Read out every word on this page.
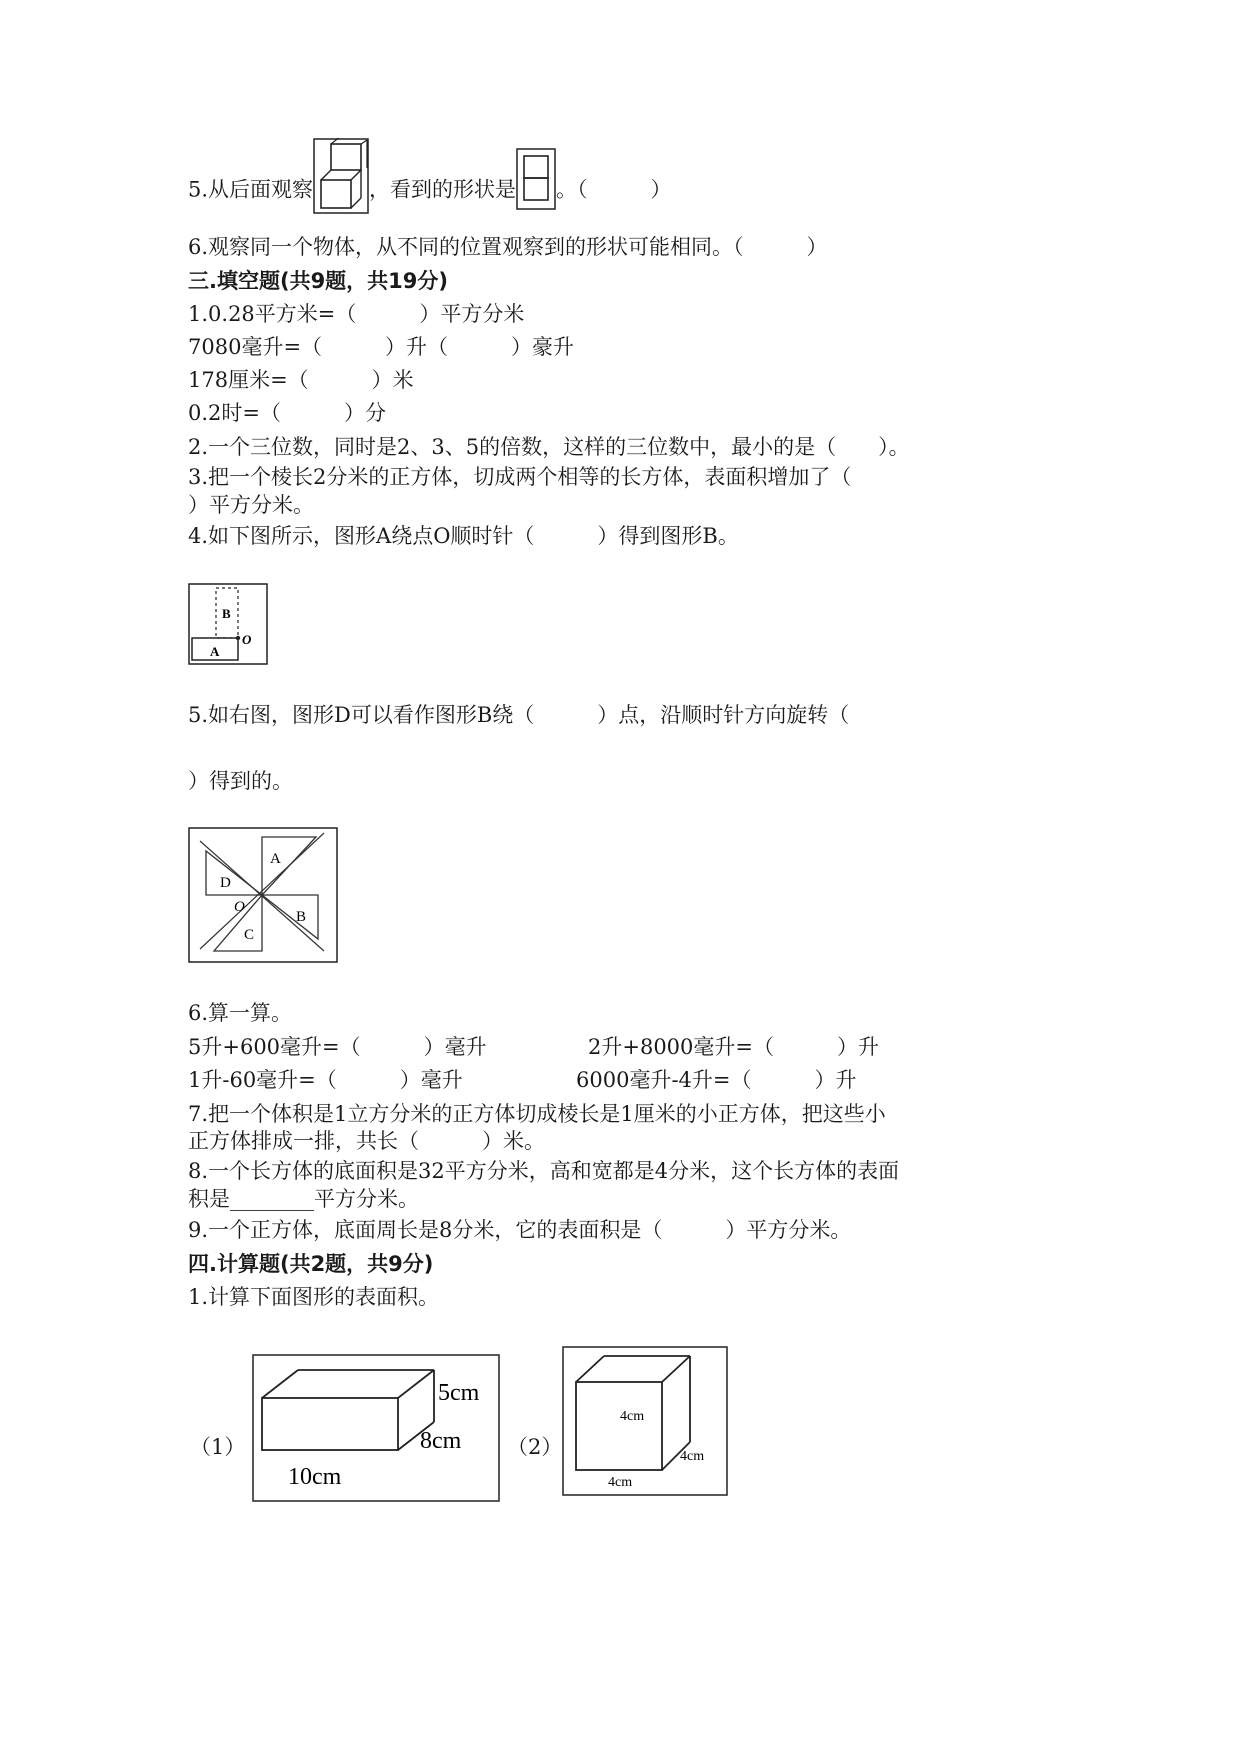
5.从后面观察	，看到的形状是 。（　　　）
6.观察同一个物体，从不同的位置观察到的形状可能相同。（　　　）
三.填空题(共9题，共19分)
1.0.28平方米=（　　　）平方分米
7080毫升=（　　　）升（　　　）豪升
178厘米=（　　　）米
0.2时=（　　　）分
2.一个三位数，同时是2、3、5的倍数，这样的三位数中，最小的是（　　）。
3.把一个棱长2分米的正方体，切成两个相等的长方体，表面积增加了（
）平方分米。
4.如下图所示，图形A绕点O顺时针（　　　）得到图形B。
B
A
O
5.如右图，图形D可以看作图形B绕（　　　）点，沿顺时针方向旋转（
）得到的。
A
D
O
B
C
6.算一算。
5升+600毫升=（　　　）毫升	2升+8000毫升=（　　　）升
1升-60毫升=（　　　）毫升	6000毫升-4升=（　　　）升
7.把一个体积是1立方分米的正方体切成棱长是1厘米的小正方体，把这些小
正方体排成一排，共长（　　　）米。
8.一个长方体的底面积是32平方分米，高和宽都是4分米，这个长方体的表面
积是________平方分米。
9.一个正方体，底面周长是8分米，它的表面积是（　　　）平方分米。
四.计算题(共2题，共9分)
1.计算下面图形的表面积。
（1）
5cm
8cm
10cm
（2）
4cm
4cm
4cm
